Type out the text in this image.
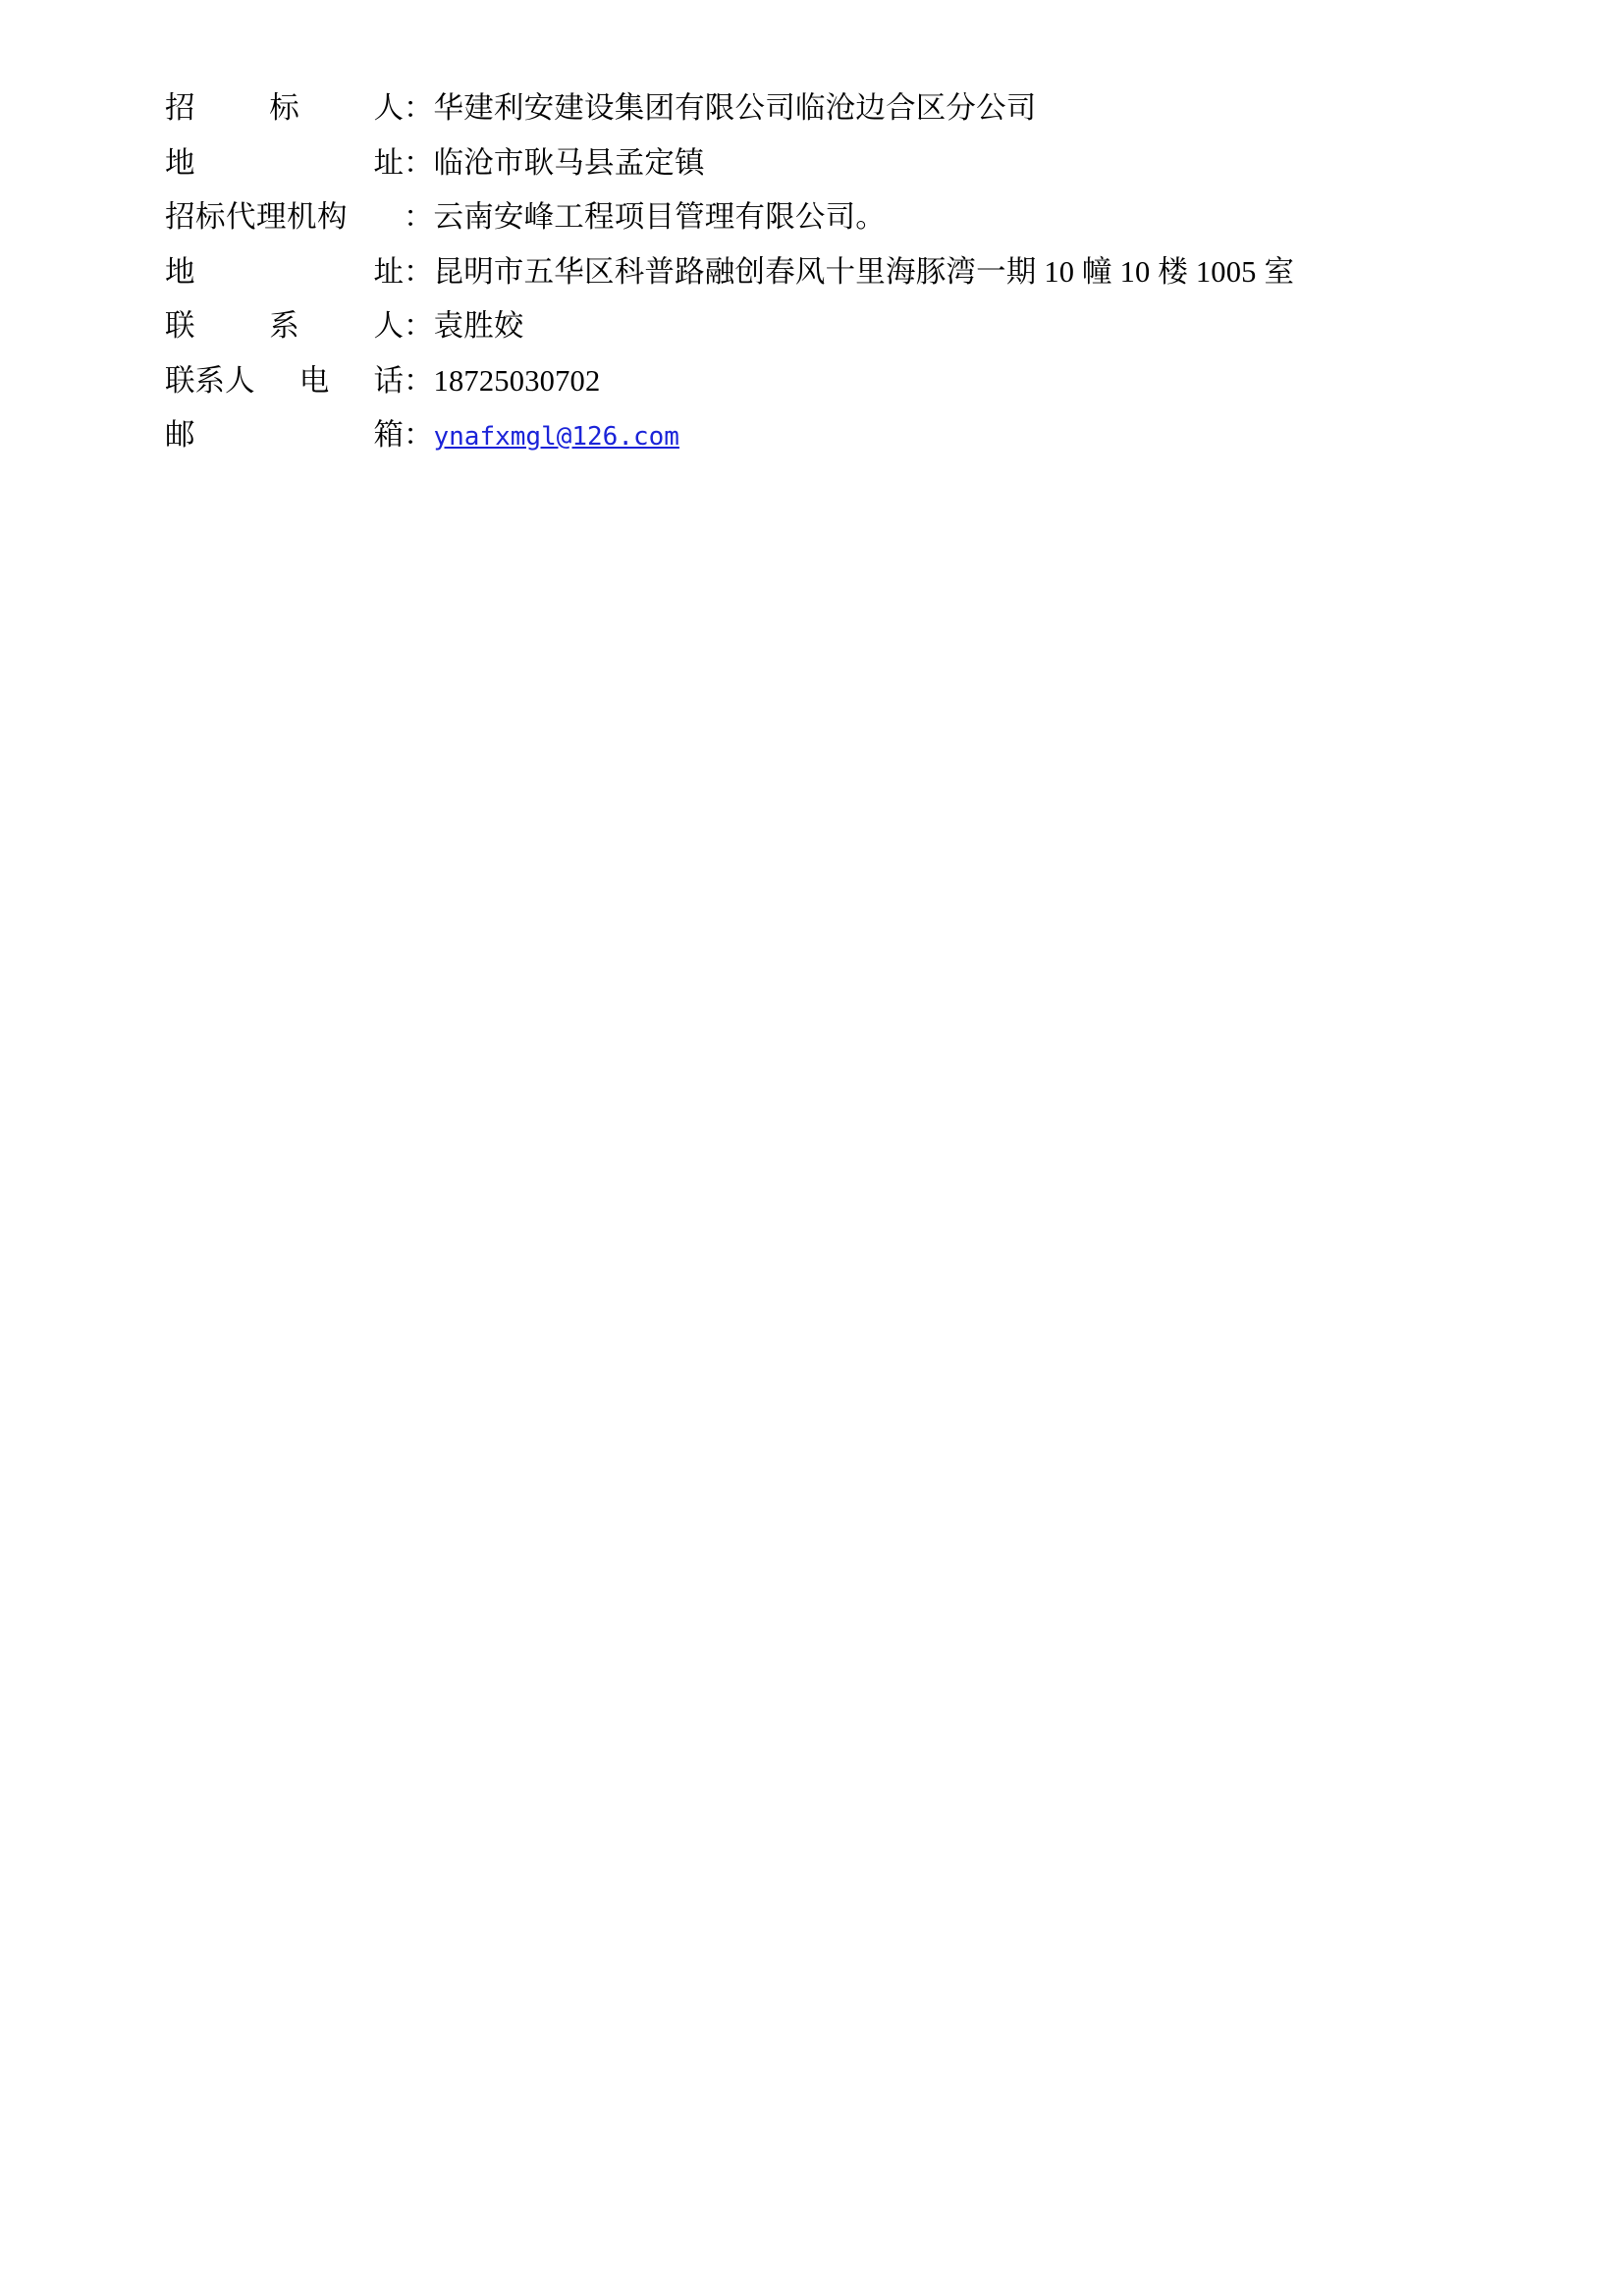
招 标 人 ： 华建利安建设集团有限公司临沧边合区分公司
地	址 ： 临沧市耿马县孟定镇
招标代理机构	： 云南安峰工程项目管理有限公司。
地	址 ： 昆明市五华区科普路融创春风十里海豚湾一期 10 幢 10 楼 1005 室
联 系 人 ： 袁胜姣
联系人 电 话 ： 18725030702
邮	箱 ： ynafxmgl@126.com
